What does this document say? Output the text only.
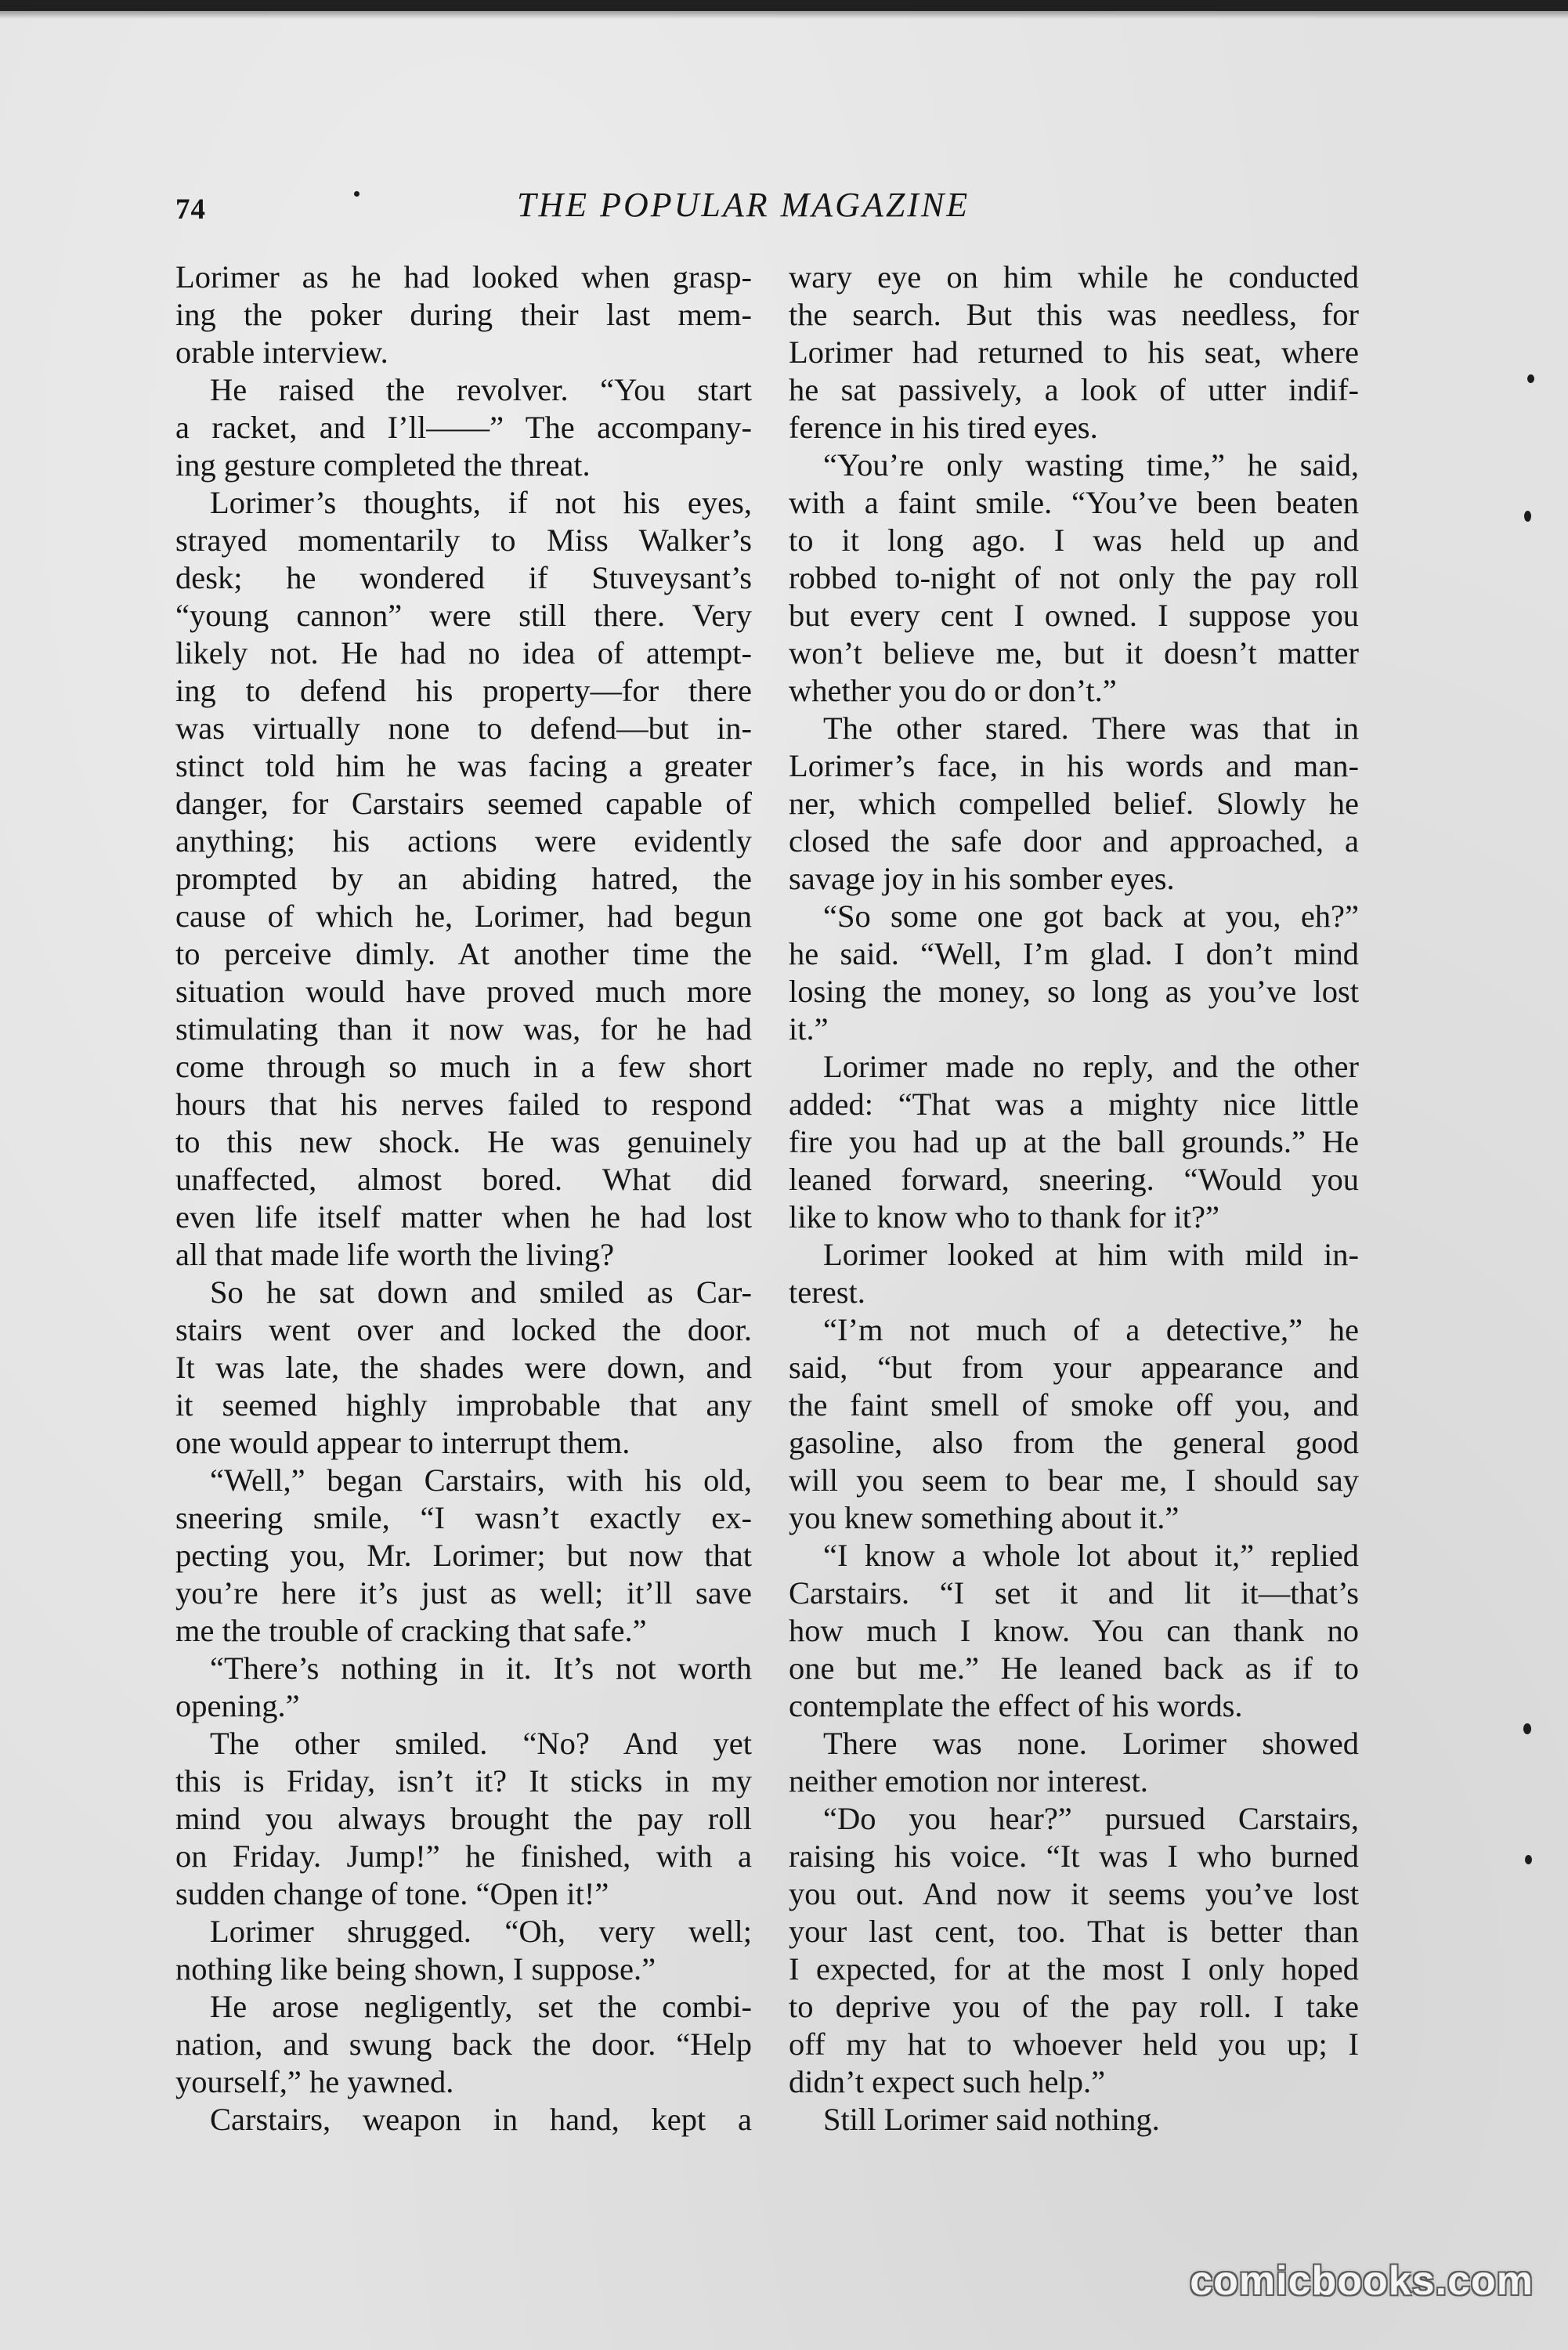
74	THE POPULAR MAGAZINE
Lorimer as he had looked when grasp-
ing the poker during their last mem-
orable interview.
He raised the revolver. “You start
a racket, and I’ll——” The accompany-
ing gesture completed the threat.
Lorimer’s thoughts, if not his eyes,
strayed momentarily to Miss Walker’s
desk; he wondered if Stuveysant’s
“young cannon” were still there. Very
likely not. He had no idea of attempt-
ing to defend his property—for there
was virtually none to defend—but in-
stinct told him he was facing a greater
danger, for Carstairs seemed capable of
anything; his actions were evidently
prompted by an abiding hatred, the
cause of which he, Lorimer, had begun
to perceive dimly. At another time the
situation would have proved much more
stimulating than it now was, for he had
come through so much in a few short
hours that his nerves failed to respond
to this new shock. He was genuinely
unaffected, almost bored. What did
even life itself matter when he had lost
all that made life worth the living?
So he sat down and smiled as Car-
stairs went over and locked the door.
It was late, the shades were down, and
it seemed highly improbable that any
one would appear to interrupt them.
“Well,” began Carstairs, with his old,
sneering smile, “I wasn’t exactly ex-
pecting you, Mr. Lorimer; but now that
you’re here it’s just as well; it’ll save
me the trouble of cracking that safe.”
“There’s nothing in it. It’s not worth
opening.”
The other smiled. “No? And yet
this is Friday, isn’t it? It sticks in my
mind you always brought the pay roll
on Friday. Jump!” he finished, with a
sudden change of tone. “Open it!”
Lorimer shrugged. “Oh, very well;
nothing like being shown, I suppose.”
He arose negligently, set the combi-
nation, and swung back the door. “Help
yourself,” he yawned.
Carstairs, weapon in hand, kept a
wary eye on him while he conducted
the search. But this was needless, for
Lorimer had returned to his seat, where
he sat passively, a look of utter indif-
ference in his tired eyes.
“You’re only wasting time,” he said,
with a faint smile. “You’ve been beaten
to it long ago. I was held up and
robbed to-night of not only the pay roll
but every cent I owned. I suppose you
won’t believe me, but it doesn’t matter
whether you do or don’t.”
The other stared. There was that in
Lorimer’s face, in his words and man-
ner, which compelled belief. Slowly he
closed the safe door and approached, a
savage joy in his somber eyes.
“So some one got back at you, eh?”
he said. “Well, I’m glad. I don’t mind
losing the money, so long as you’ve lost
it.”
Lorimer made no reply, and the other
added: “That was a mighty nice little
fire you had up at the ball grounds.” He
leaned forward, sneering. “Would you
like to know who to thank for it?”
Lorimer looked at him with mild in-
terest.
“I’m not much of a detective,” he
said, “but from your appearance and
the faint smell of smoke off you, and
gasoline, also from the general good
will you seem to bear me, I should say
you knew something about it.”
“I know a whole lot about it,” replied
Carstairs. “I set it and lit it—that’s
how much I know. You can thank no
one but me.” He leaned back as if to
contemplate the effect of his words.
There was none. Lorimer showed
neither emotion nor interest.
“Do you hear?” pursued Carstairs,
raising his voice. “It was I who burned
you out. And now it seems you’ve lost
your last cent, too. That is better than
I expected, for at the most I only hoped
to deprive you of the pay roll. I take
off my hat to whoever held you up; I
didn’t expect such help.”
Still Lorimer said nothing.
comicbooks.com
